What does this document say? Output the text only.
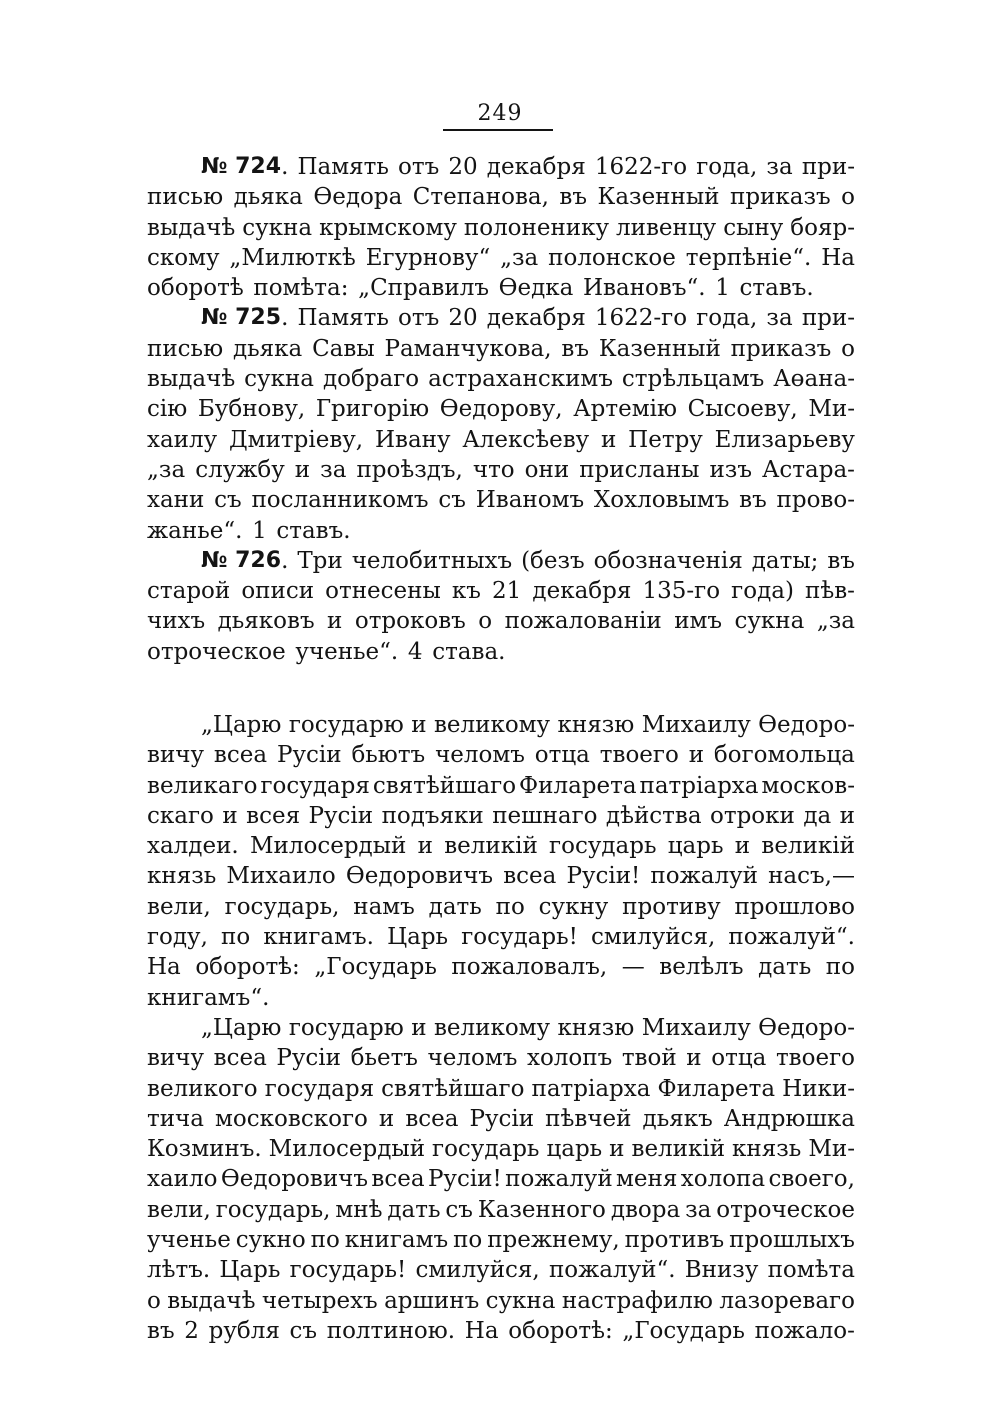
249
№ 724 . Память отъ 20 декабря 1622-го года, за при-
писью дьяка Өедора Степанова, въ Казенный приказъ о
выдачѣ сукна крымскому полоненику ливенцу сыну бояр-
скому „Милюткѣ Егурнову“ „за полонское терпѣніе“. На
оборотѣ помѣта: „Справилъ Өедка Ивановъ“. 1 ставъ.
№ 725 . Память отъ 20 декабря 1622-го года, за при-
писью дьяка Савы Раманчукова, въ Казенный приказъ о
выдачѣ сукна добраго астраханскимъ стрѣльцамъ Аөана-
сію Бубнову, Григорію Өедорову, Артемію Сысоеву, Ми-
хаилу Дмитріеву, Ивану Алексѣеву и Петру Елизарьеву
„за службу и за проѣздъ, что они присланы изъ Астара-
хани съ посланникомъ съ Иваномъ Хохловымъ въ прово-
жанье“. 1 ставъ.
№ 726 . Три челобитныхъ (безъ обозначенія даты; въ
старой описи отнесены къ 21 декабря 135-го года) пѣв-
чихъ дьяковъ и отроковъ о пожалованіи имъ сукна „за
отроческое ученье“. 4 става.
„Царю государю и великому князю Михаилу Өедоро-
вичу всеа Русіи бьютъ челомъ отца твоего и богомольца
великаго государя святѣйшаго Филарета патріарха москов-
скаго и всея Русіи подъяки пешнаго дѣйства отроки да и
халдеи. Милосердый и великій государь царь и великій
князь Михаило Өедоровичъ всеа Русіи! пожалуй насъ,—
вели, государь, намъ дать по сукну противу прошлово
году, по книгамъ. Царь государь! смилуйся, пожалуй“.
На оборотѣ: „Государь пожаловалъ, — велѣлъ дать по
книгамъ“.
„Царю государю и великому князю Михаилу Өедоро-
вичу всеа Русіи бьетъ челомъ холопъ твой и отца твоего
великого государя святѣйшаго патріарха Филарета Ники-
тича московского и всеа Русіи пѣвчей дьякъ Андрюшка
Козминъ. Милосердый государь царь и великій князь Ми-
хаило Өедоровичъ всеа Русіи! пожалуй меня холопа своего,
вели, государь, мнѣ дать съ Казенного двора за отроческое
ученье сукно по книгамъ по прежнему, противъ прошлыхъ
лѣтъ. Царь государь! смилуйся, пожалуй“. Внизу помѣта
о выдачѣ четырехъ аршинъ сукна настрафилю лазореваго
въ 2 рубля съ полтиною. На оборотѣ: „Государь пожало-
